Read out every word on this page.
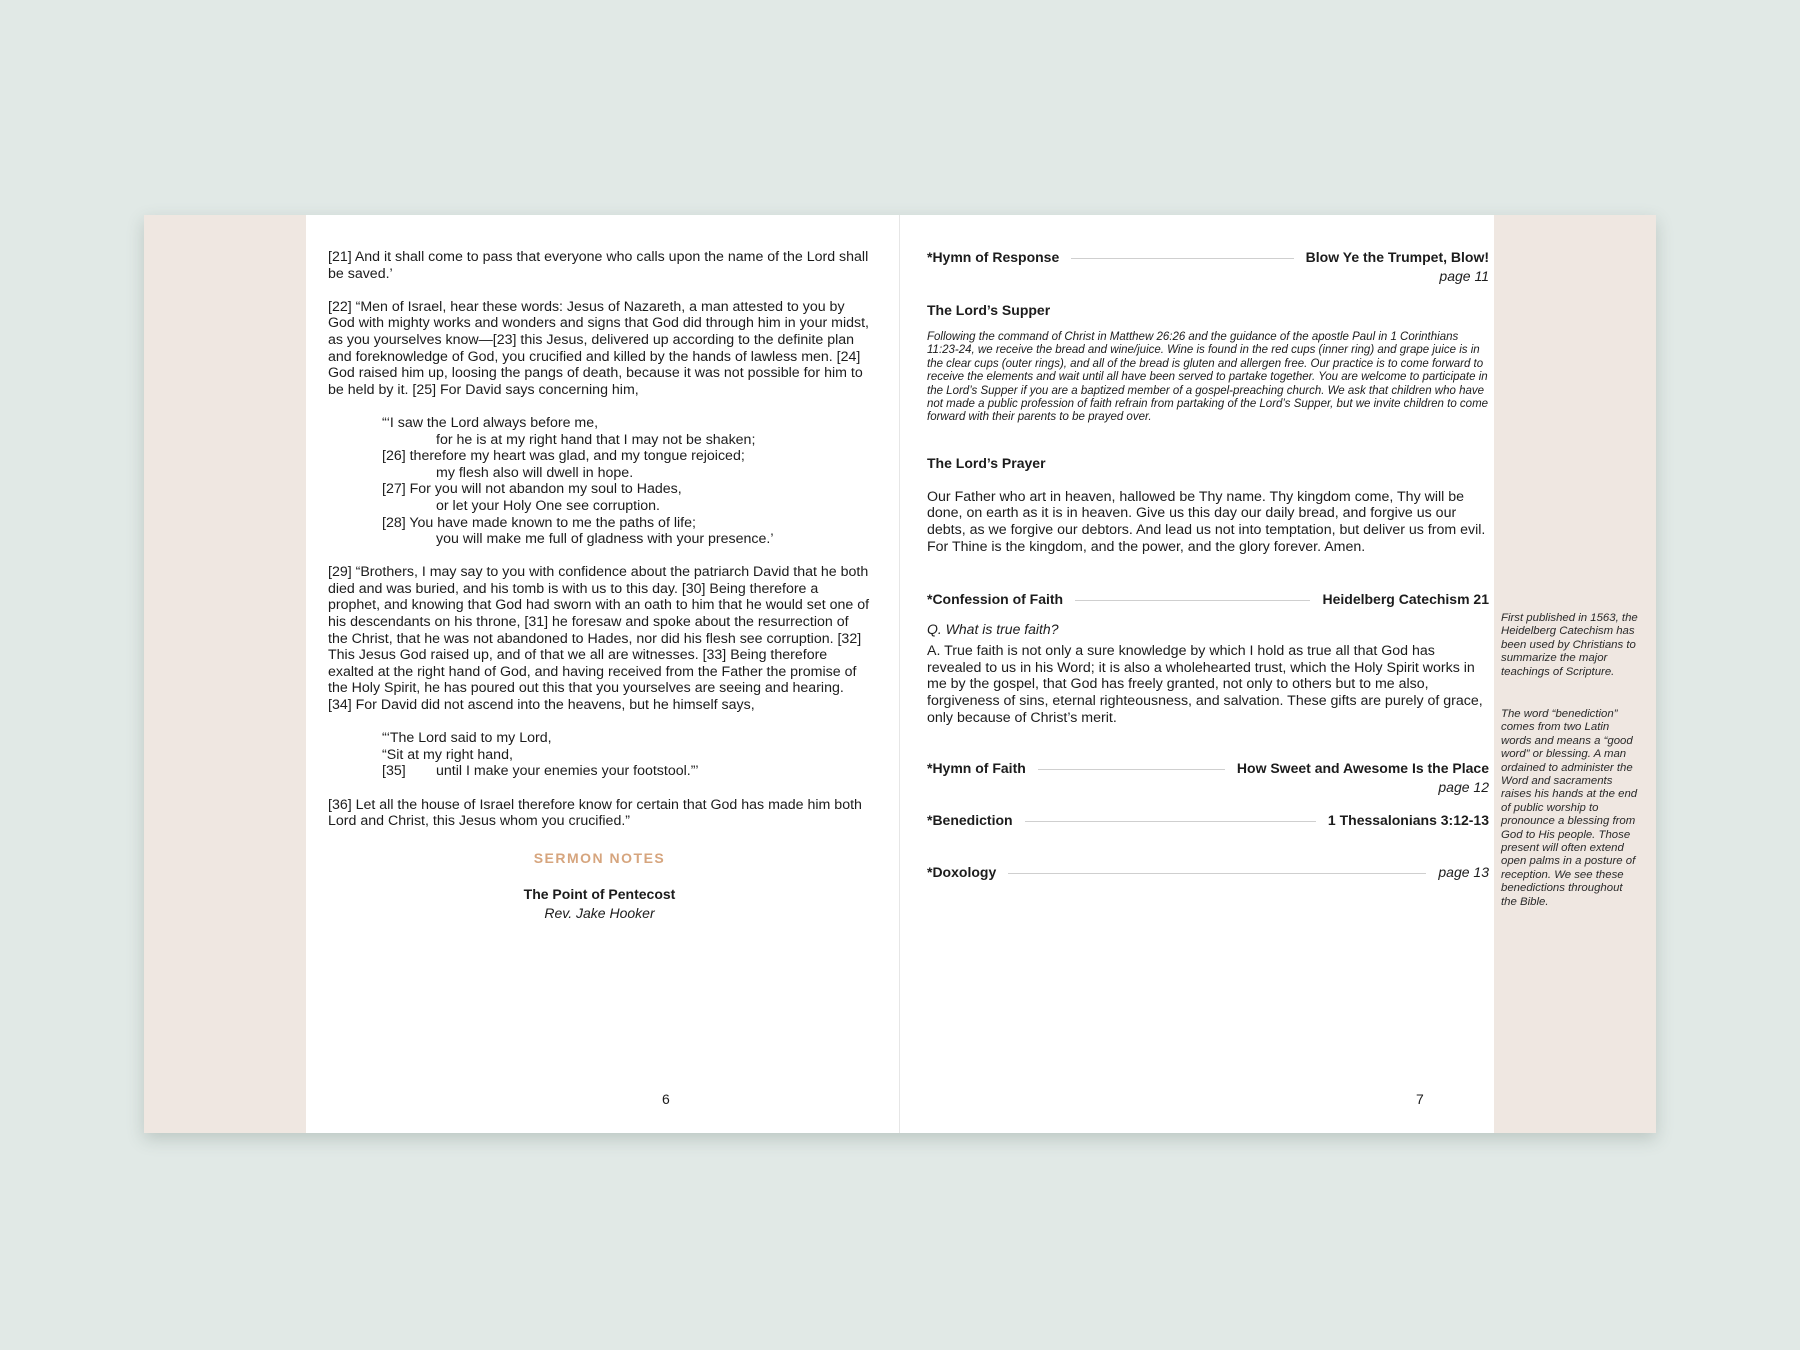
[21] And it shall come to pass that everyone who calls upon the name of the Lord shall be saved.’

[22] “Men of Israel, hear these words: Jesus of Nazareth, a man attested to you by God with mighty works and wonders and signs that God did through him in your midst, as you yourselves know—[23] this Jesus, delivered up according to the definite plan and foreknowledge of God, you crucified and killed by the hands of lawless men. [24] God raised him up, loosing the pangs of death, because it was not possible for him to be held by it. [25] For David says concerning him,

“‘I saw the Lord always before me,
for he is at my right hand that I may not be shaken;
[26] therefore my heart was glad, and my tongue rejoiced;
my flesh also will dwell in hope.
[27] For you will not abandon my soul to Hades,
or let your Holy One see corruption.
[28] You have made known to me the paths of life;
you will make me full of gladness with your presence.’

[29] “Brothers, I may say to you with confidence about the patriarch David that he both died and was buried, and his tomb is with us to this day. [30] Being therefore a prophet, and knowing that God had sworn with an oath to him that he would set one of his descendants on his throne, [31] he foresaw and spoke about the resurrection of the Christ, that he was not abandoned to Hades, nor did his flesh see corruption. [32] This Jesus God raised up, and of that we all are witnesses. [33] Being therefore exalted at the right hand of God, and having received from the Father the promise of the Holy Spirit, he has poured out this that you yourselves are seeing and hearing. [34] For David did not ascend into the heavens, but he himself says,

“‘The Lord said to my Lord,
“Sit at my right hand,
[35] until I make your enemies your footstool.”’

[36] Let all the house of Israel therefore know for certain that God has made him both Lord and Christ, this Jesus whom you crucified.”

SERMON NOTES
The Point of Pentecost
Rev. Jake Hooker
6
*Hymn of Response	Blow Ye the Trumpet, Blow!
page 11
The Lord’s Supper

Following the command of Christ in Matthew 26:26 and the guidance of the apostle Paul in 1 Corinthians 11:23-24, we receive the bread and wine/juice. Wine is found in the red cups (inner ring) and grape juice is in the clear cups (outer rings), and all of the bread is gluten and allergen free. Our practice is to come forward to receive the elements and wait until all have been served to partake together. You are welcome to participate in the Lord’s Supper if you are a baptized member of a gospel-preaching church. We ask that children who have not made a public profession of faith refrain from partaking of the Lord’s Supper, but we invite children to come forward with their parents to be prayed over.

The Lord’s Prayer

Our Father who art in heaven, hallowed be Thy name. Thy kingdom come, Thy will be done, on earth as it is in heaven. Give us this day our daily bread, and forgive us our debts, as we forgive our debtors. And lead us not into temptation, but deliver us from evil. For Thine is the kingdom, and the power, and the glory forever. Amen.

*Confession of Faith	Heidelberg Catechism 21
Q. What is true faith?

A. True faith is not only a sure knowledge by which I hold as true all that God has revealed to us in his Word; it is also a wholehearted trust, which the Holy Spirit works in me by the gospel, that God has freely granted, not only to others but to me also, forgiveness of sins, eternal righteousness, and salvation. These gifts are purely of grace, only because of Christ’s merit.

*Hymn of Faith	How Sweet and Awesome Is the Place
page 12
*Benediction	1 Thessalonians 3:12-13
*Doxology	page 13
7

First published in 1563, the Heidelberg Catechism has been used by Christians to summarize the major teachings of Scripture.

The word “benediction” comes from two Latin words and means a “good word” or blessing. A man ordained to administer the Word and sacraments raises his hands at the end of public worship to pronounce a blessing from God to His people. Those present will often extend open palms in a posture of reception. We see these benedictions throughout the Bible.
